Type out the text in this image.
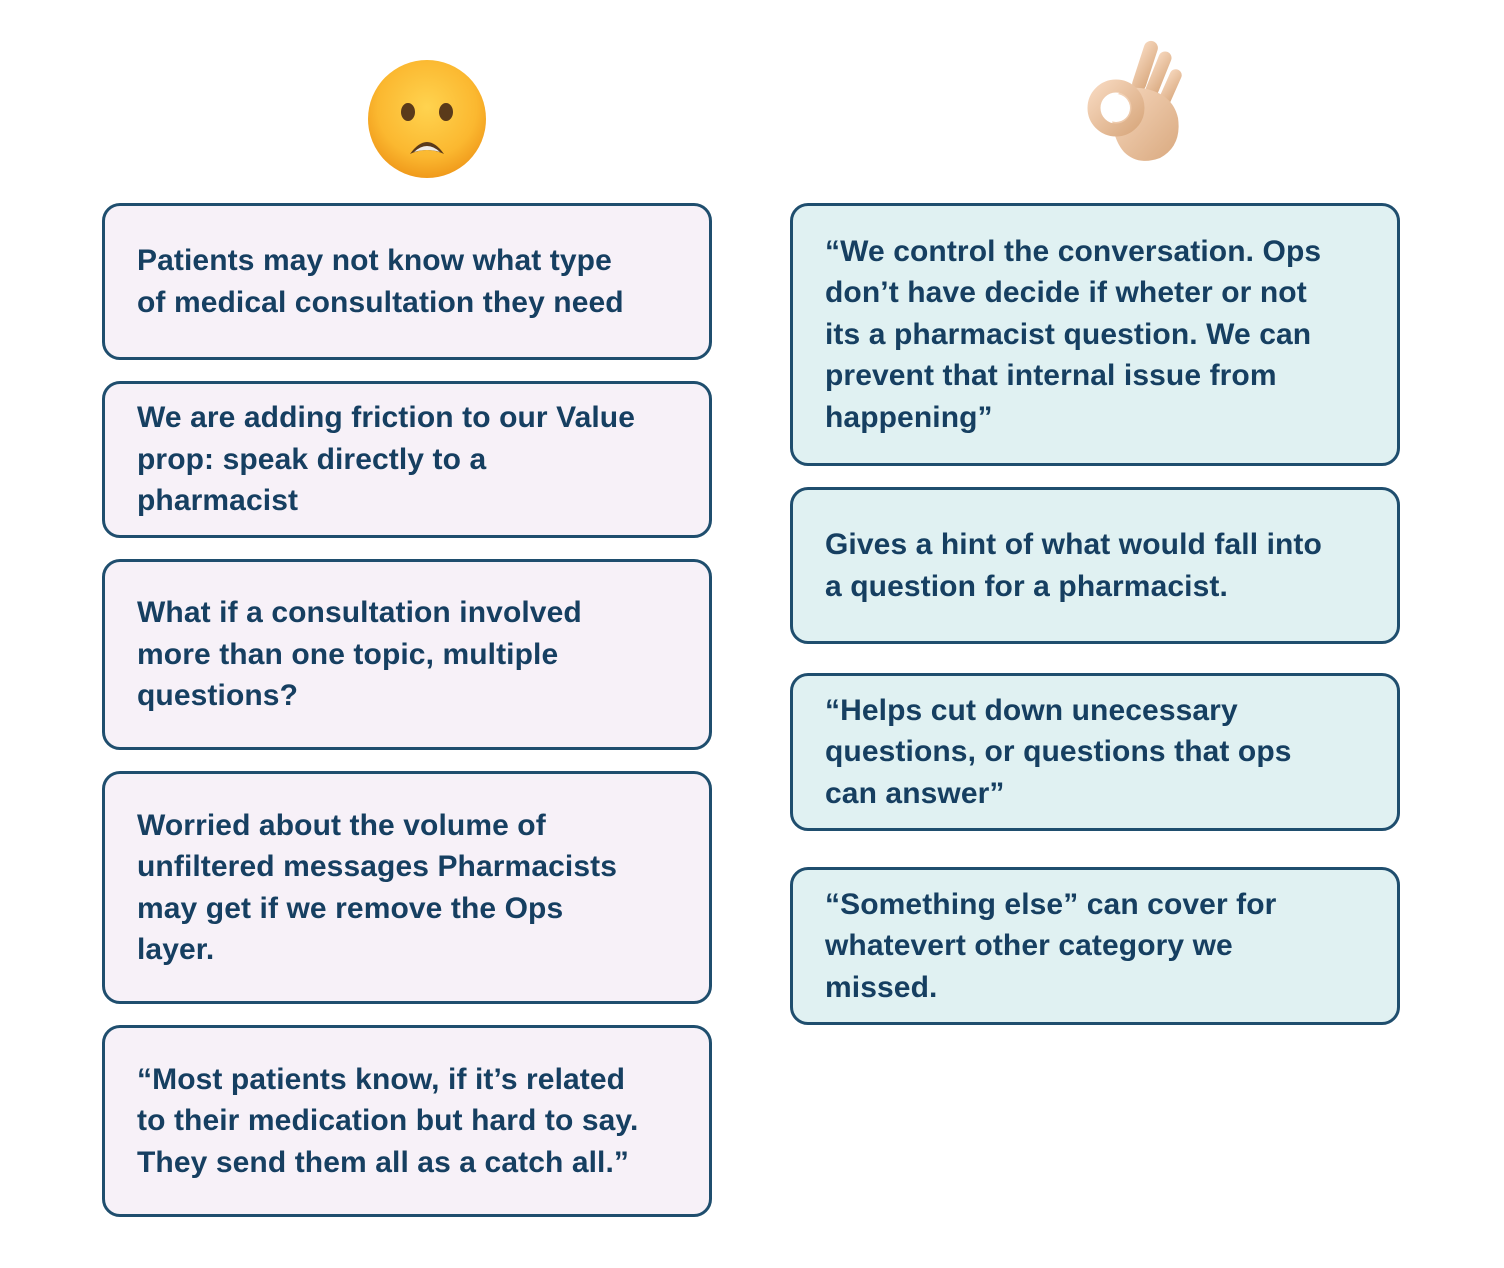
Patients may not know what type
of medical consultation they need

We are adding friction to our Value
prop: speak directly to a
pharmacist

What if a consultation involved
more than one topic, multiple
questions?

Worried about the volume of
unfiltered messages Pharmacists
may get if we remove the Ops
layer.

“Most patients know, if it’s related
to their medication but hard to say.
They send them all as a catch all.”

“We control the conversation. Ops
don’t have decide if wheter or not
its a pharmacist question. We can
prevent that internal issue from
happening”

Gives a hint of what would fall into
a question for a pharmacist.

“Helps cut down unecessary
questions, or questions that ops
can answer”

“Something else” can cover for
whatevert other category we
missed.
